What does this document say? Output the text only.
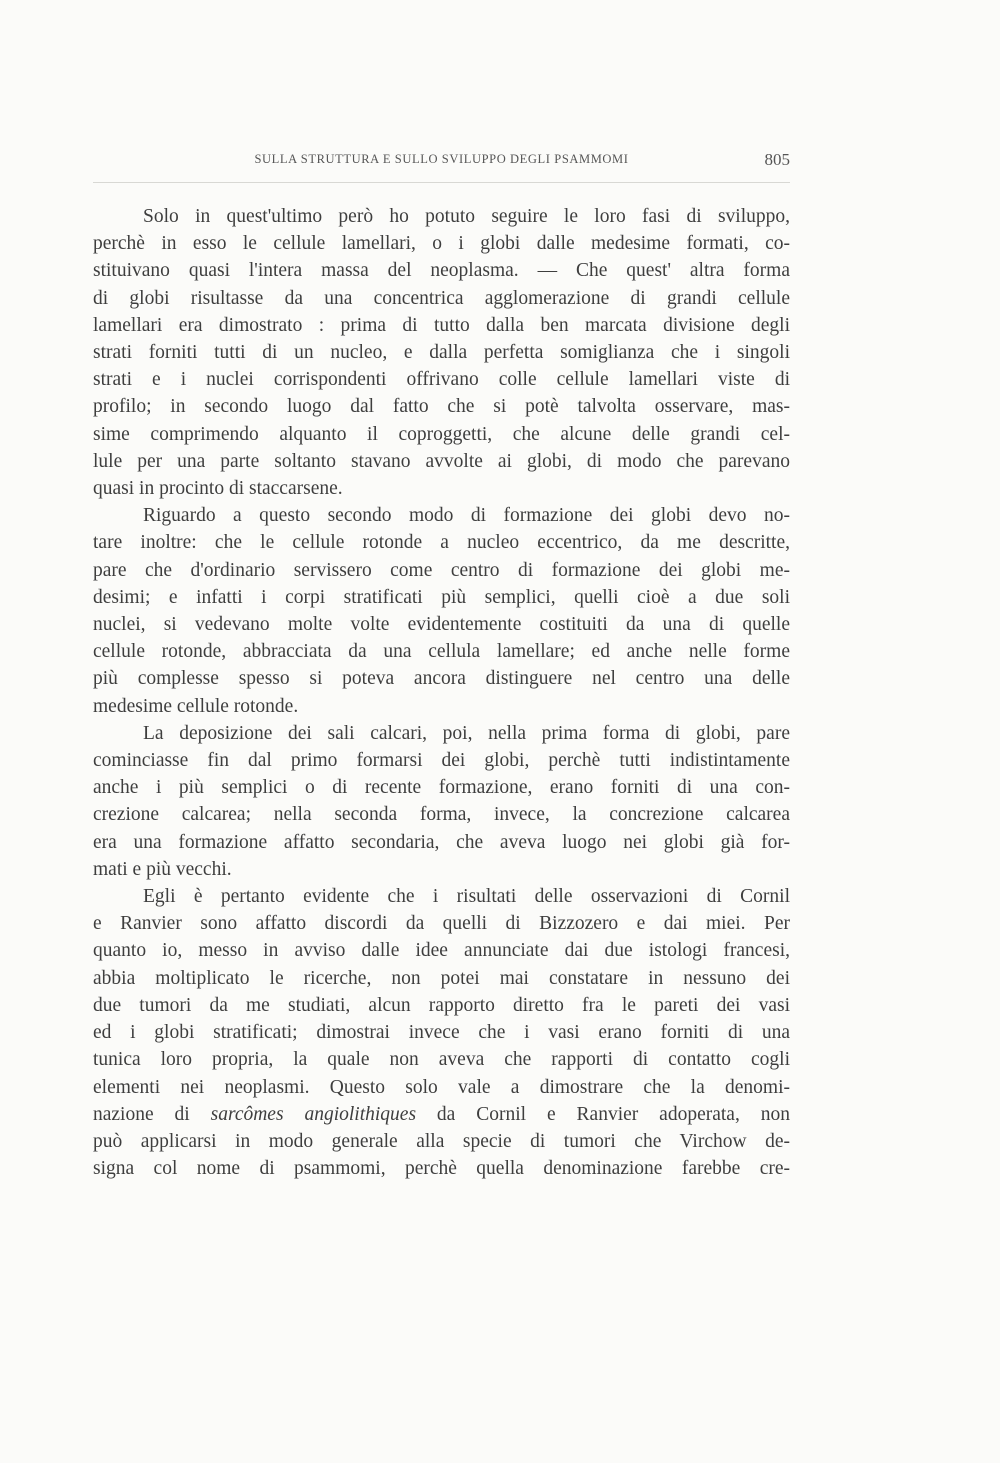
SULLA STRUTTURA E SULLO SVILUPPO DEGLI PSAMMOMI	805
Solo in quest'ultimo però ho potuto seguire le loro fasi di sviluppo,
perchè in esso le cellule lamellari, o i globi dalle medesime formati, co-
stituivano quasi l'intera massa del neoplasma. — Che quest' altra forma
di globi risultasse da una concentrica agglomerazione di grandi cellule
lamellari era dimostrato : prima di tutto dalla ben marcata divisione degli
strati forniti tutti di un nucleo, e dalla perfetta somiglianza che i singoli
strati e i nuclei corrispondenti offrivano colle cellule lamellari viste di
profilo; in secondo luogo dal fatto che si potè talvolta osservare, mas-
sime comprimendo alquanto il coproggetti, che alcune delle grandi cel-
lule per una parte soltanto stavano avvolte ai globi, di modo che parevano
quasi in procinto di staccarsene.
Riguardo a questo secondo modo di formazione dei globi devo no-
tare inoltre: che le cellule rotonde a nucleo eccentrico, da me descritte,
pare che d'ordinario servissero come centro di formazione dei globi me-
desimi; e infatti i corpi stratificati più semplici, quelli cioè a due soli
nuclei, si vedevano molte volte evidentemente costituiti da una di quelle
cellule rotonde, abbracciata da una cellula lamellare; ed anche nelle forme
più complesse spesso si poteva ancora distinguere nel centro una delle
medesime cellule rotonde.
La deposizione dei sali calcari, poi, nella prima forma di globi, pare
cominciasse fin dal primo formarsi dei globi, perchè tutti indistintamente
anche i più semplici o di recente formazione, erano forniti di una con-
crezione calcarea; nella seconda forma, invece, la concrezione calcarea
era una formazione affatto secondaria, che aveva luogo nei globi già for-
mati e più vecchi.
Egli è pertanto evidente che i risultati delle osservazioni di Cornil
e Ranvier sono affatto discordi da quelli di Bizzozero e dai miei. Per
quanto io, messo in avviso dalle idee annunciate dai due istologi francesi,
abbia moltiplicato le ricerche, non potei mai constatare in nessuno dei
due tumori da me studiati, alcun rapporto diretto fra le pareti dei vasi
ed i globi stratificati; dimostrai invece che i vasi erano forniti di una
tunica loro propria, la quale non aveva che rapporti di contatto cogli
elementi nei neoplasmi. Questo solo vale a dimostrare che la denomi-
nazione di sarcômes angiolithiques da Cornil e Ranvier adoperata, non
può applicarsi in modo generale alla specie di tumori che Virchow de-
signa col nome di psammomi, perchè quella denominazione farebbe cre-
